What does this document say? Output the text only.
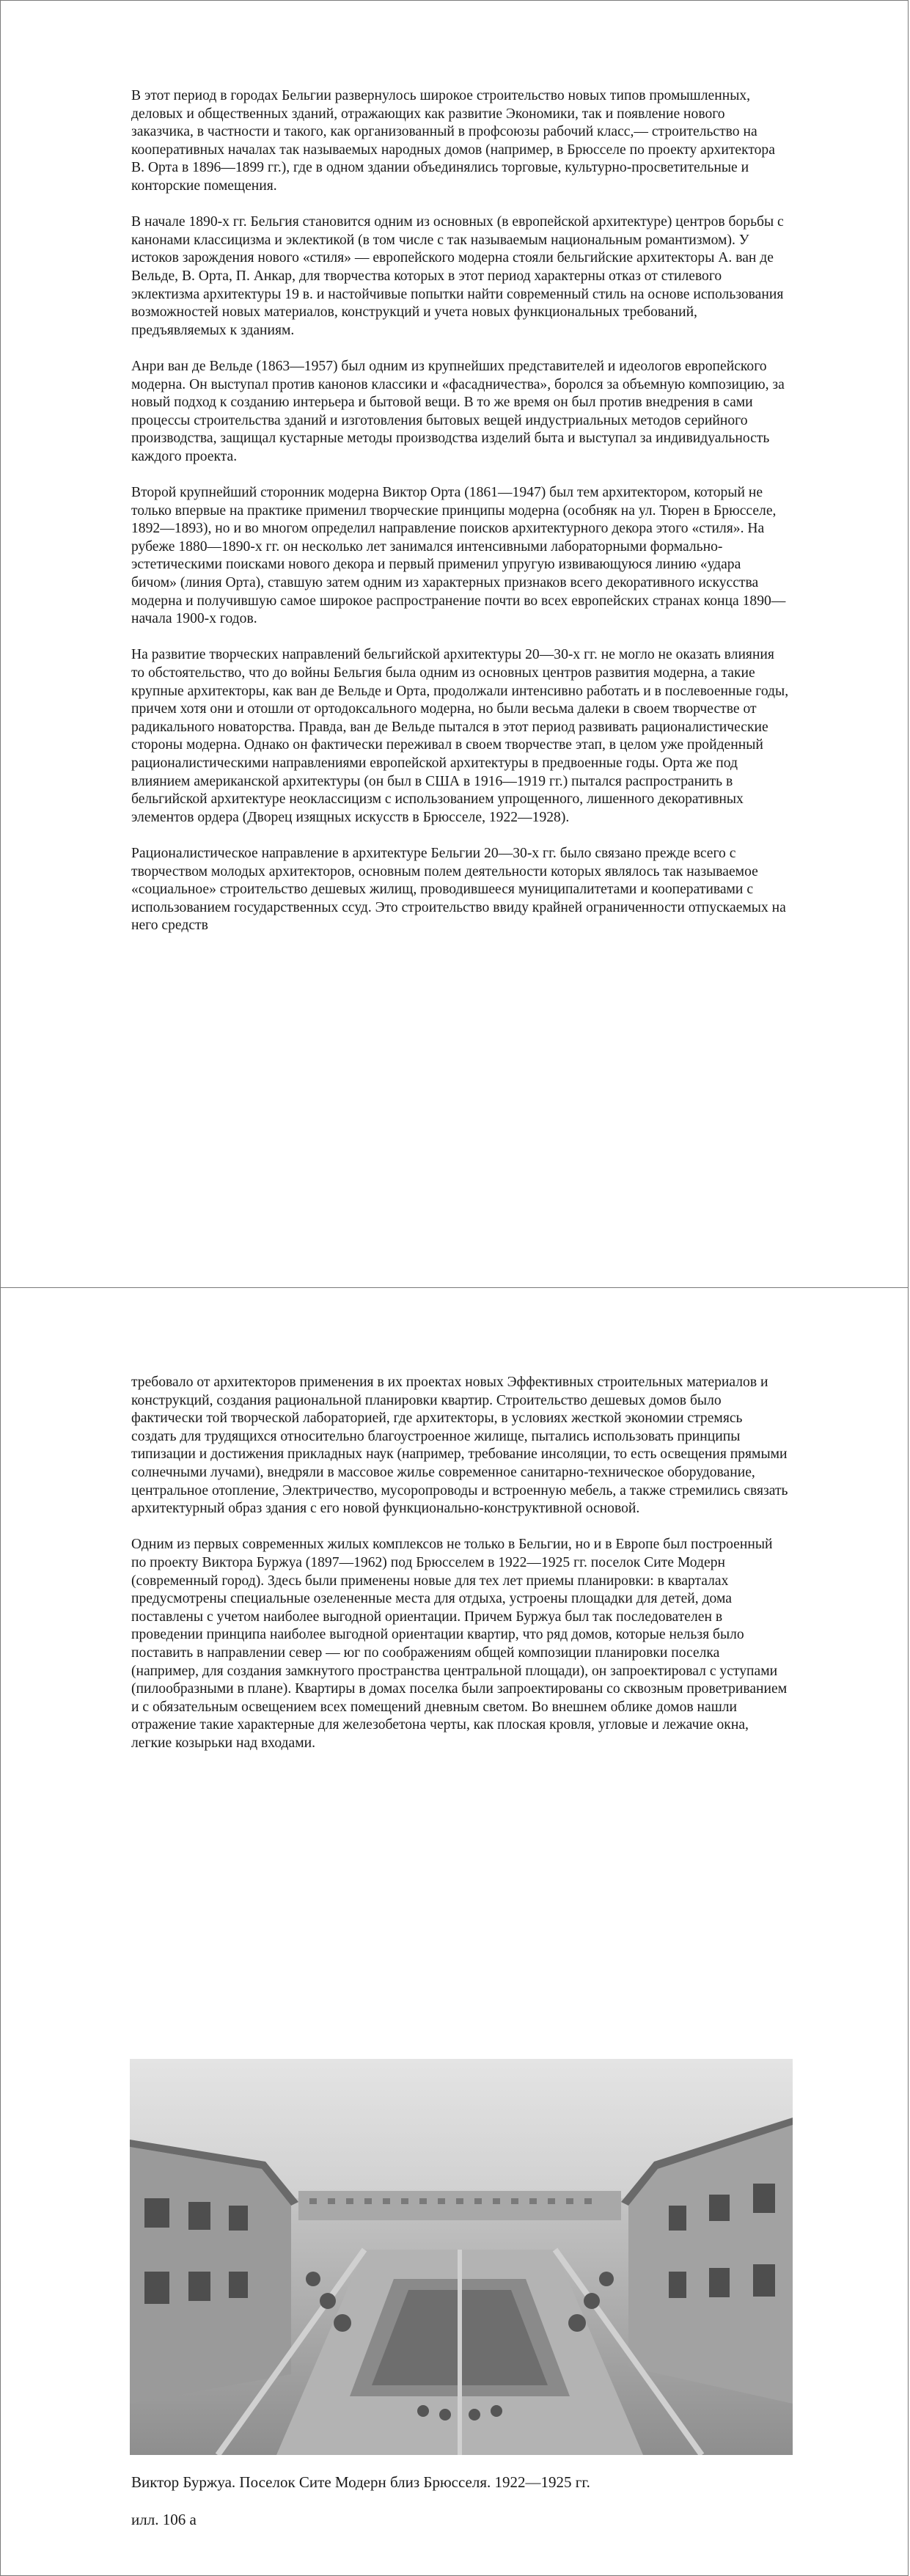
В этот период в городах Бельгии развернулось широкое строительство новых типов промышленных, деловых и общественных зданий, отражающих как развитие Экономики, так и появление нового заказчика, в частности и такого, как организованный в профсоюзы рабочий класс,— строительство на кооперативных началах так называемых народных домов (например, в Брюсселе по проекту архитектора В. Орта в 1896—1899 гг.), где в одном здании объединялись торговые, культурно-просветительные и конторские помещения.

В начале 1890-х гг. Бельгия становится одним из основных (в европейской архитектуре) центров борьбы с канонами классицизма и эклектикой (в том числе с так называемым национальным романтизмом). У истоков зарождения нового «стиля» — европейского модерна стояли бельгийские архитекторы А. ван де Вельде, В. Орта, П. Анкар, для творчества которых в этот период характерны отказ от стилевого эклектизма архитектуры 19 в. и настойчивые попытки найти современный стиль на основе использования возможностей новых материалов, конструкций и учета новых функциональных требований, предъявляемых к зданиям.

Анри ван де Вельде (1863—1957) был одним из крупнейших представителей и идеологов европейского модерна. Он выступал против канонов классики и «фасадничества», боролся за объемную композицию, за новый подход к созданию интерьера и бытовой вещи. В то же время он был против внедрения в сами процессы строительства зданий и изготовления бытовых вещей индустриальных методов серийного производства, защищал кустарные методы производства изделий быта и выступал за индивидуальность каждого проекта.

Второй крупнейший сторонник модерна Виктор Орта (1861—1947) был тем архитектором, который не только впервые на практике применил творческие принципы модерна (особняк на ул. Тюрен в Брюсселе, 1892—1893), но и во многом определил направление поисков архитектурного декора этого «стиля». На рубеже 1880—1890-х гг. он несколько лет занимался интенсивными лабораторными формально-эстетическими поисками нового декора и первый применил упругую извивающуюся линию «удара бичом» (линия Орта), ставшую затем одним из характерных признаков всего декоративного искусства модерна и получившую самое широкое распространение почти во всех европейских странах конца 1890— начала 1900-х годов.

На развитие творческих направлений бельгийской архитектуры 20—30-х гг. не могло не оказать влияния то обстоятельство, что до войны Бельгия была одним из основных центров развития модерна, а такие крупные архитекторы, как ван де Вельде и Орта, продолжали интенсивно работать и в послевоенные годы, причем хотя они и отошли от ортодоксального модерна, но были весьма далеки в своем творчестве от радикального новаторства. Правда, ван де Вельде пытался в этот период развивать рационалистические стороны модерна. Однако он фактически переживал в своем творчестве этап, в целом уже пройденный рационалистическими направлениями европейской архитектуры в предвоенные годы. Орта же под влиянием американской архитектуры (он был в США в 1916—1919 гг.) пытался распространить в бельгийской архитектуре неоклассицизм с использованием упрощенного, лишенного декоративных элементов ордера (Дворец изящных искусств в Брюсселе, 1922—1928).

Рационалистическое направление в архитектуре Бельгии 20—30-х гг. было связано прежде всего с творчеством молодых архитекторов, основным полем деятельности которых являлось так называемое «социальное» строительство дешевых жилищ, проводившееся муниципалитетами и кооперативами с использованием государственных ссуд. Это строительство ввиду крайней ограниченности отпускаемых на него средств

требовало от архитекторов применения в их проектах новых Эффективных строительных материалов и конструкций, создания рациональной планировки квартир. Строительство дешевых домов было фактически той творческой лабораторией, где архитекторы, в условиях жесткой экономии стремясь создать для трудящихся относительно благоустроенное жилище, пытались использовать принципы типизации и достижения прикладных наук (например, требование инсоляции, то есть освещения прямыми солнечными лучами), внедряли в массовое жилье современное санитарно-техническое оборудование, центральное отопление, Электричество, мусоропроводы и встроенную мебель, а также стремились связать архитектурный образ здания с его новой функционально-конструктивной основой.

Одним из первых современных жилых комплексов не только в Бельгии, но и в Европе был построенный по проекту Виктора Буржуа (1897—1962) под Брюсселем в 1922—1925 гг. поселок Сите Модерн (современный город). Здесь были применены новые для тех лет приемы планировки: в кварталах предусмотрены специальные озелененные места для отдыха, устроены площадки для детей, дома поставлены с учетом наиболее выгодной ориентации. Причем Буржуа был так последователен в проведении принципа наиболее выгодной ориентации квартир, что ряд домов, которые нельзя было поставить в направлении север — юг по соображениям общей композиции планировки поселка (например, для создания замкнутого пространства центральной площади), он запроектировал с уступами (пилообразными в плане). Квартиры в домах поселка были запроектированы со сквозным проветриванием и с обязательным освещением всех помещений дневным светом. Во внешнем облике домов нашли отражение такие характерные для железобетона черты, как плоская кровля, угловые и лежачие окна, легкие козырьки над входами.

Виктор Буржуа. Поселок Сите Модерн близ Брюсселя. 1922—1925 гг.
илл. 106 а
